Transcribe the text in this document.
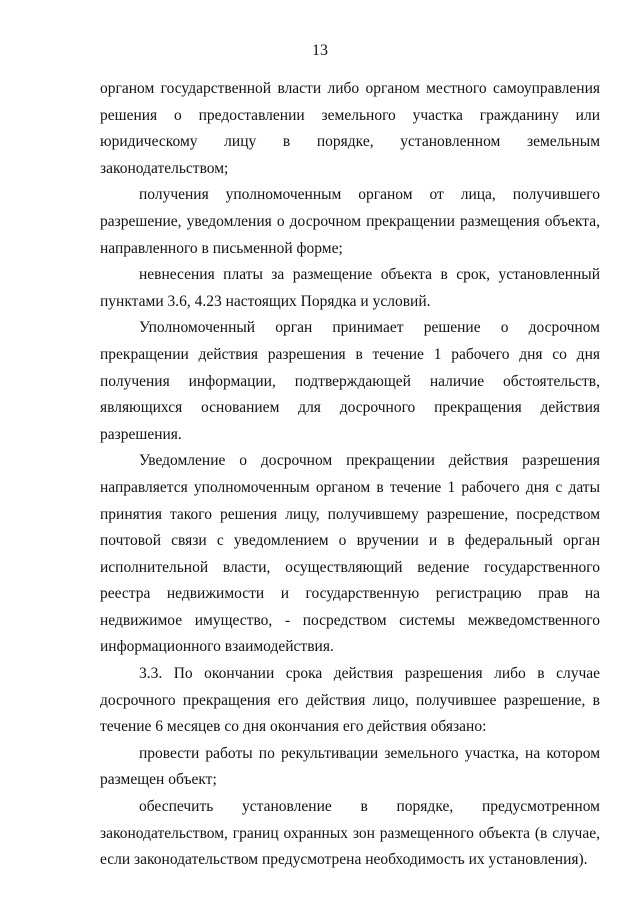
13

органом государственной власти либо органом местного самоуправления решения о предоставлении земельного участка гражданину или юридическому лицу в порядке, установленном земельным законодательством;

получения уполномоченным органом от лица, получившего разрешение, уведомления о досрочном прекращении размещения объекта, направленного в письменной форме;

невнесения платы за размещение объекта в срок, установленный пунктами 3.6, 4.23 настоящих Порядка и условий.

Уполномоченный орган принимает решение о досрочном прекращении действия разрешения в течение 1 рабочего дня со дня получения информации, подтверждающей наличие обстоятельств, являющихся основанием для досрочного прекращения действия разрешения.

Уведомление о досрочном прекращении действия разрешения направляется уполномоченным органом в течение 1 рабочего дня с даты принятия такого решения лицу, получившему разрешение, посредством почтовой связи с уведомлением о вручении и в федеральный орган исполнительной власти, осуществляющий ведение государственного реестра недвижимости и государственную регистрацию прав на недвижимое имущество, - посредством системы межведомственного информационного взаимодействия.

3.3. По окончании срока действия разрешения либо в случае досрочного прекращения его действия лицо, получившее разрешение, в течение 6 месяцев со дня окончания его действия обязано:

провести работы по рекультивации земельного участка, на котором размещен объект;

обеспечить установление в порядке, предусмотренном законодательством, границ охранных зон размещенного объекта (в случае, если законодательством предусмотрена необходимость их установления).
